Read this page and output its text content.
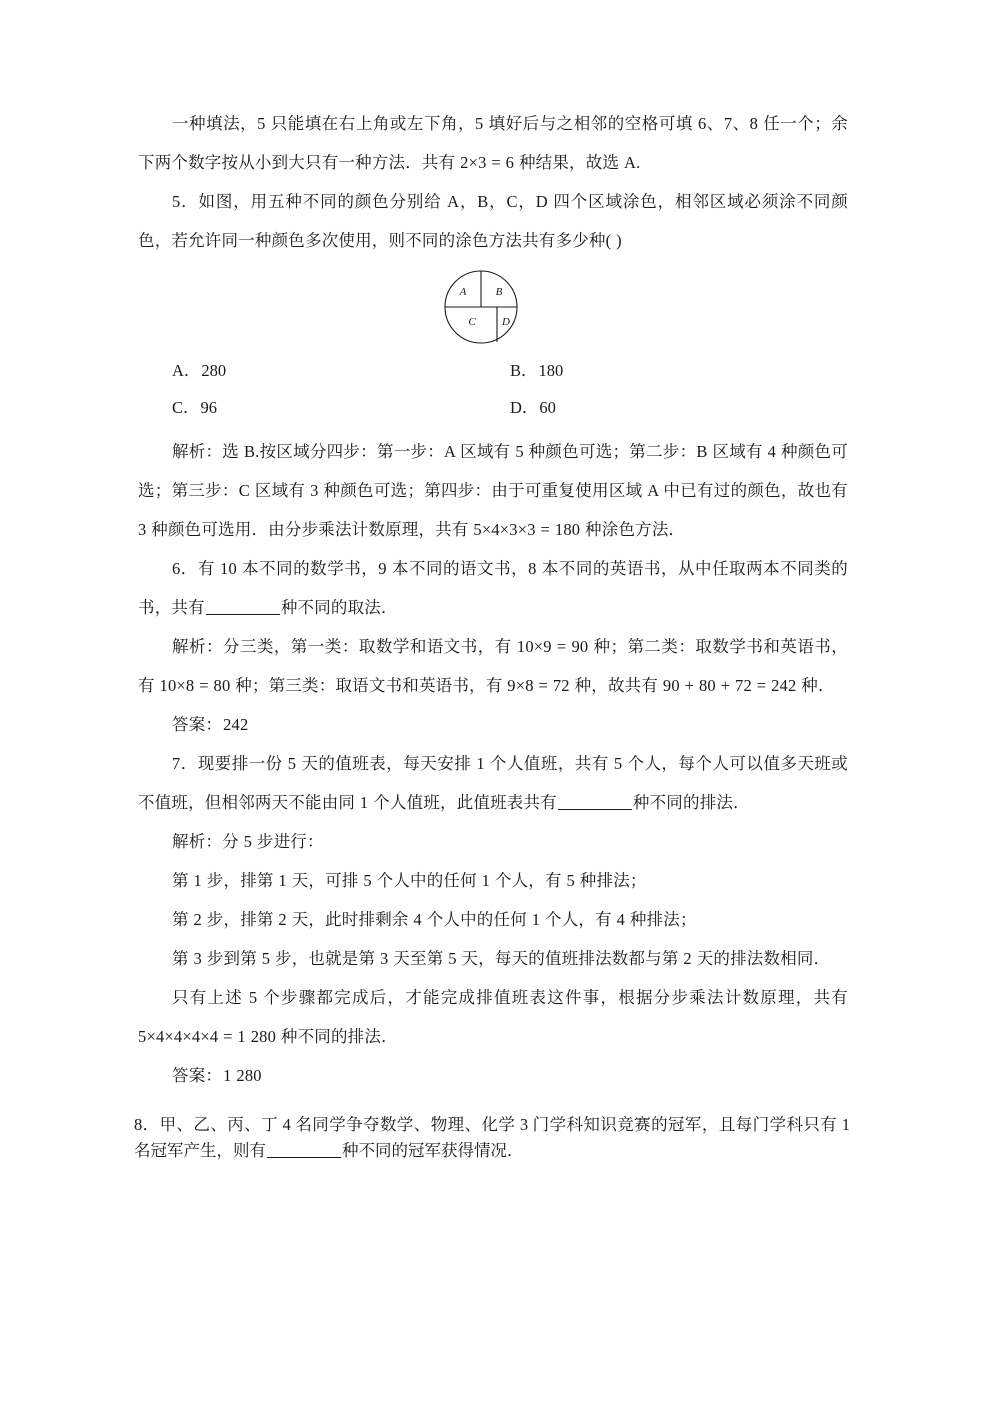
一种填法，5 只能填在右上角或左下角，5 填好后与之相邻的空格可填 6、7、8 任一个；余下两个数字按从小到大只有一种方法．共有 2×3 = 6 种结果，故选 A.

5．如图，用五种不同的颜色分别给 A，B，C，D 四个区域涂色，相邻区域必须涂不同颜色，若允许同一种颜色多次使用，则不同的涂色方法共有多少种( )

A	B
C D
A．280	B．180
C．96	D．60

解析：选 B.按区域分四步：第一步：A 区域有 5 种颜色可选；第二步：B 区域有 4 种颜色可选；第三步：C 区域有 3 种颜色可选；第四步：由于可重复使用区域 A 中已有过的颜色，故也有 3 种颜色可选用．由分步乘法计数原理，共有 5×4×3×3 = 180 种涂色方法．

6．有 10 本不同的数学书，9 本不同的语文书，8 本不同的英语书，从中任取两本不同类的书，共有	种不同的取法．

解析：分三类，第一类：取数学和语文书，有 10×9 = 90 种；第二类：取数学书和英语书，有 10×8 = 80 种；第三类：取语文书和英语书，有 9×8 = 72 种，故共有 90 + 80 + 72 = 242 种．

答案：242

7．现要排一份 5 天的值班表，每天安排 1 个人值班，共有 5 个人，每个人可以值多天班或不值班，但相邻两天不能由同 1 个人值班，此值班表共有	种不同的排法．

解析：分 5 步进行：

第 1 步，排第 1 天，可排 5 个人中的任何 1 个人，有 5 种排法；

第 2 步，排第 2 天，此时排剩余 4 个人中的任何 1 个人，有 4 种排法；

第 3 步到第 5 步，也就是第 3 天至第 5 天，每天的值班排法数都与第 2 天的排法数相同．

只有上述 5 个步骤都完成后，才能完成排值班表这件事，根据分步乘法计数原理，共有 5×4×4×4×4 = 1 280 种不同的排法．

答案：1 280

8．甲、乙、丙、丁 4 名同学争夺数学、物理、化学 3 门学科知识竞赛的冠军，且每门学科只有 1 名冠军产生，则有	种不同的冠军获得情况．
